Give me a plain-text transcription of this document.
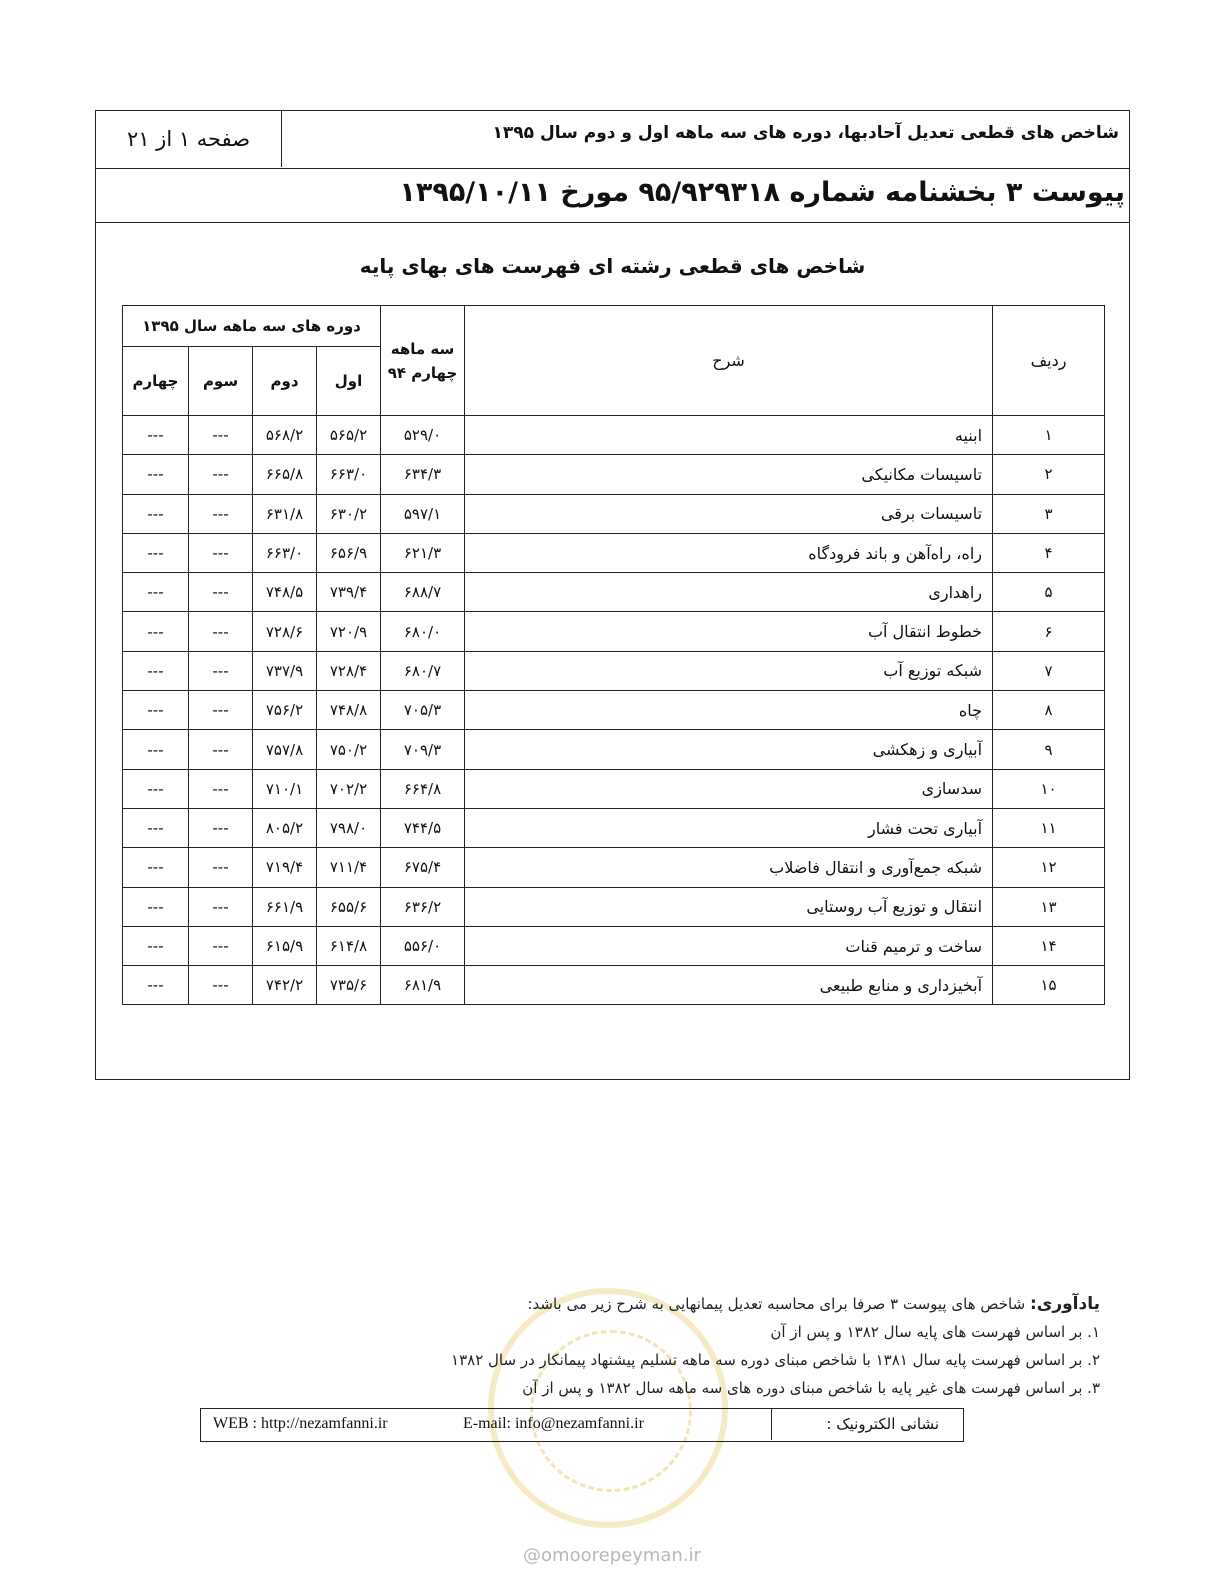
شاخص های قطعی تعدیل آحادبها، دوره های سه ماهه اول و دوم سال ۱۳۹۵
صفحه ۱ از ۲۱
پیوست ۳ بخشنامه شماره ۹۵/۹۲۹۳۱۸ مورخ ۱۳۹۵/۱۰/۱۱
شاخص های قطعی رشته ای فهرست های بهای پایه
ردیف	شرح	سه ماهه چهارم ۹۴	دوره های سه ماهه سال ۱۳۹۵			
			اول	دوم	سوم	چهارم
۱	ابنیه	۵۲۹/۰	۵۶۵/۲	۵۶۸/۲	---	---
۲	تاسیسات مکانیکی	۶۳۴/۳	۶۶۳/۰	۶۶۵/۸	---	---
۳	تاسیسات برقی	۵۹۷/۱	۶۳۰/۲	۶۳۱/۸	---	---
۴	راه، راه‌آهن و باند فرودگاه	۶۲۱/۳	۶۵۶/۹	۶۶۳/۰	---	---
۵	راهداری	۶۸۸/۷	۷۳۹/۴	۷۴۸/۵	---	---
۶	خطوط انتقال آب	۶۸۰/۰	۷۲۰/۹	۷۲۸/۶	---	---
۷	شبکه توزیع آب	۶۸۰/۷	۷۲۸/۴	۷۳۷/۹	---	---
۸	چاه	۷۰۵/۳	۷۴۸/۸	۷۵۶/۲	---	---
۹	آبیاری و زهکشی	۷۰۹/۳	۷۵۰/۲	۷۵۷/۸	---	---
۱۰	سدسازی	۶۶۴/۸	۷۰۲/۲	۷۱۰/۱	---	---
۱۱	آبیاری تحت فشار	۷۴۴/۵	۷۹۸/۰	۸۰۵/۲	---	---
۱۲	شبکه جمع‌آوری و انتقال فاضلاب	۶۷۵/۴	۷۱۱/۴	۷۱۹/۴	---	---
۱۳	انتقال و توزیع آب روستایی	۶۳۶/۲	۶۵۵/۶	۶۶۱/۹	---	---
۱۴	ساخت و ترمیم قنات	۵۵۶/۰	۶۱۴/۸	۶۱۵/۹	---	---
۱۵	آبخیزداری و منابع طبیعی	۶۸۱/۹	۷۳۵/۶	۷۴۲/۲	---	---
یادآوری: شاخص های پیوست ۳ صرفا برای محاسبه تعدیل پیمانهایی به شرح زیر می باشد:
۱. بر اساس فهرست های پایه سال ۱۳۸۲ و پس از آن
۲. بر اساس فهرست پایه سال ۱۳۸۱ با شاخص مبنای دوره سه ماهه تسلیم پیشنهاد پیمانکار در سال ۱۳۸۲
۳. بر اساس فهرست های غیر پایه با شاخص مبنای دوره های سه ماهه سال ۱۳۸۲ و پس از آن
WEB : http://nezamfanni.ir	E-mail: info@nezamfanni.ir	نشانی الکترونیک :
@omoorepeyman.ir
